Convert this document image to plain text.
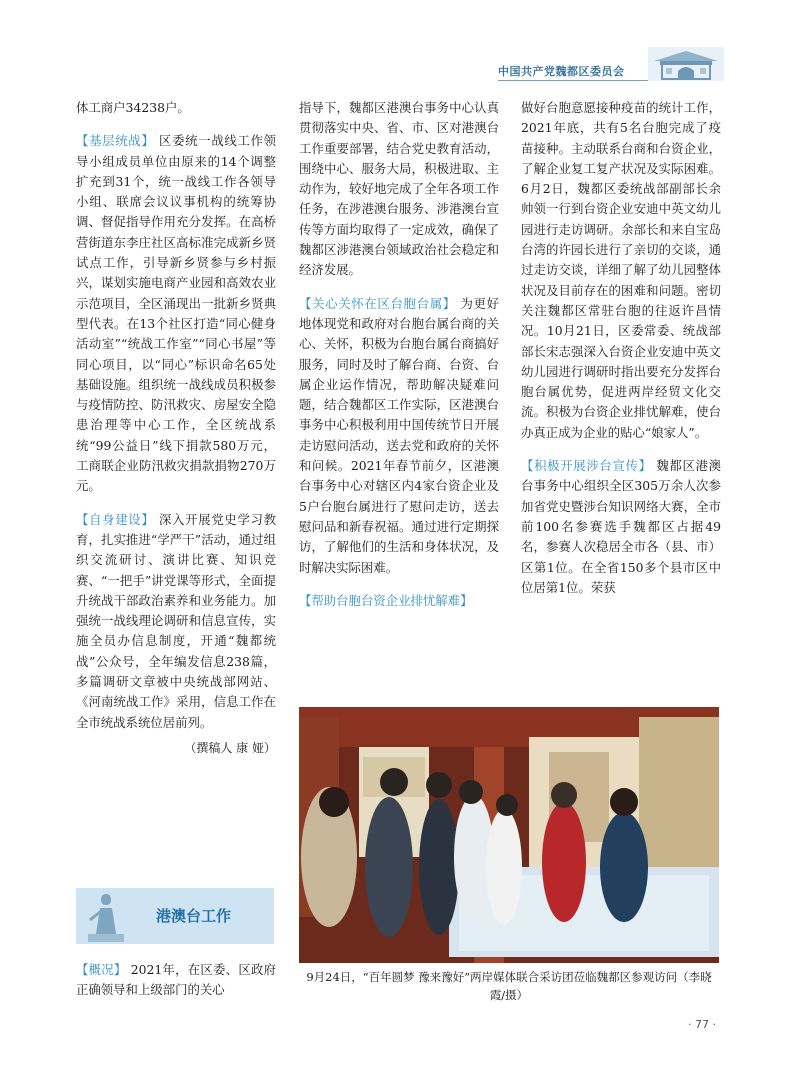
中国共产党魏都区委员会

体工商户34238户。

【基层统战】 区委统一战线工作领导小组成员单位由原来的14个调整扩充到31个，统一战线工作各领导小组、联席会议议事机构的统筹协调、督促指导作用充分发挥。在高桥营街道东李庄社区高标准完成新乡贤试点工作，引导新乡贤参与乡村振兴，谋划实施电商产业园和高效农业示范项目，全区涌现出一批新乡贤典型代表。在13个社区打造“同心健身活动室”“统战工作室”“同心书屋”等同心项目，以“同心”标识命名65处基础设施。组织统一战线成员积极参与疫情防控、防汛救灾、房屋安全隐患治理等中心工作，全区统战系统“99公益日”线下捐款580万元，工商联企业防汛救灾捐款捐物270万元。

【自身建设】 深入开展党史学习教育，扎实推进“学严干”活动，通过组织交流研讨、演讲比赛、知识竞赛、“一把手”讲党课等形式，全面提升统战干部政治素养和业务能力。加强统一战线理论调研和信息宣传，实施全员办信息制度，开通“魏都统战”公众号，全年编发信息238篇，多篇调研文章被中央统战部网站、《河南统战工作》采用，信息工作在全市统战系统位居前列。

（撰稿人 康 娅）
港澳台工作
【概况】 2021年，在区委、区政府正确领导和上级部门的关心

指导下，魏都区港澳台事务中心认真贯彻落实中央、省、市、区对港澳台工作重要部署，结合党史教育活动，围绕中心、服务大局，积极进取、主动作为，较好地完成了全年各项工作任务，在涉港澳台服务、涉港澳台宣传等方面均取得了一定成效，确保了魏都区涉港澳台领域政治社会稳定和经济发展。

【关心关怀在区台胞台属】 为更好地体现党和政府对台胞台属台商的关心、关怀，积极为台胞台属台商搞好服务，同时及时了解台商、台资、台属企业运作情况，帮助解决疑难问题，结合魏都区工作实际，区港澳台事务中心积极利用中国传统节日开展走访慰问活动，送去党和政府的关怀和问候。2021年春节前夕，区港澳台事务中心对辖区内4家台资企业及5户台胞台属进行了慰问走访，送去慰问品和新春祝福。通过进行定期探访，了解他们的生活和身体状况，及时解决实际困难。

【帮助台胞台资企业排忧解难】

做好台胞意愿接种疫苗的统计工作，2021年底，共有5名台胞完成了疫苗接种。主动联系台商和台资企业，了解企业复工复产状况及实际困难。6月2日，魏都区委统战部副部长余帅领一行到台资企业安迪中英文幼儿园进行走访调研。余部长和来自宝岛台湾的许园长进行了亲切的交谈，通过走访交谈，详细了解了幼儿园整体状况及目前存在的困难和问题。密切关注魏都区常驻台胞的往返许昌情况。10月21日，区委常委、统战部部长宋志强深入台资企业安迪中英文幼儿园进行调研时指出要充分发挥台胞台属优势，促进两岸经贸文化交流。积极为台资企业排忧解难，使台办真正成为企业的贴心“娘家人”。

【积极开展涉台宣传】 魏都区港澳台事务中心组织全区305万余人次参加省党史暨涉台知识网络大赛，全市前100名参赛选手魏都区占据49名，参赛人次稳居全市各（县、市）区第1位。在全省150多个县市区中位居第1位。荣获

9月24日，“百年圆梦 豫来豫好”两岸媒体联合采访团莅临魏都区参观访问（李晓霞/摄）
· 77 ·
